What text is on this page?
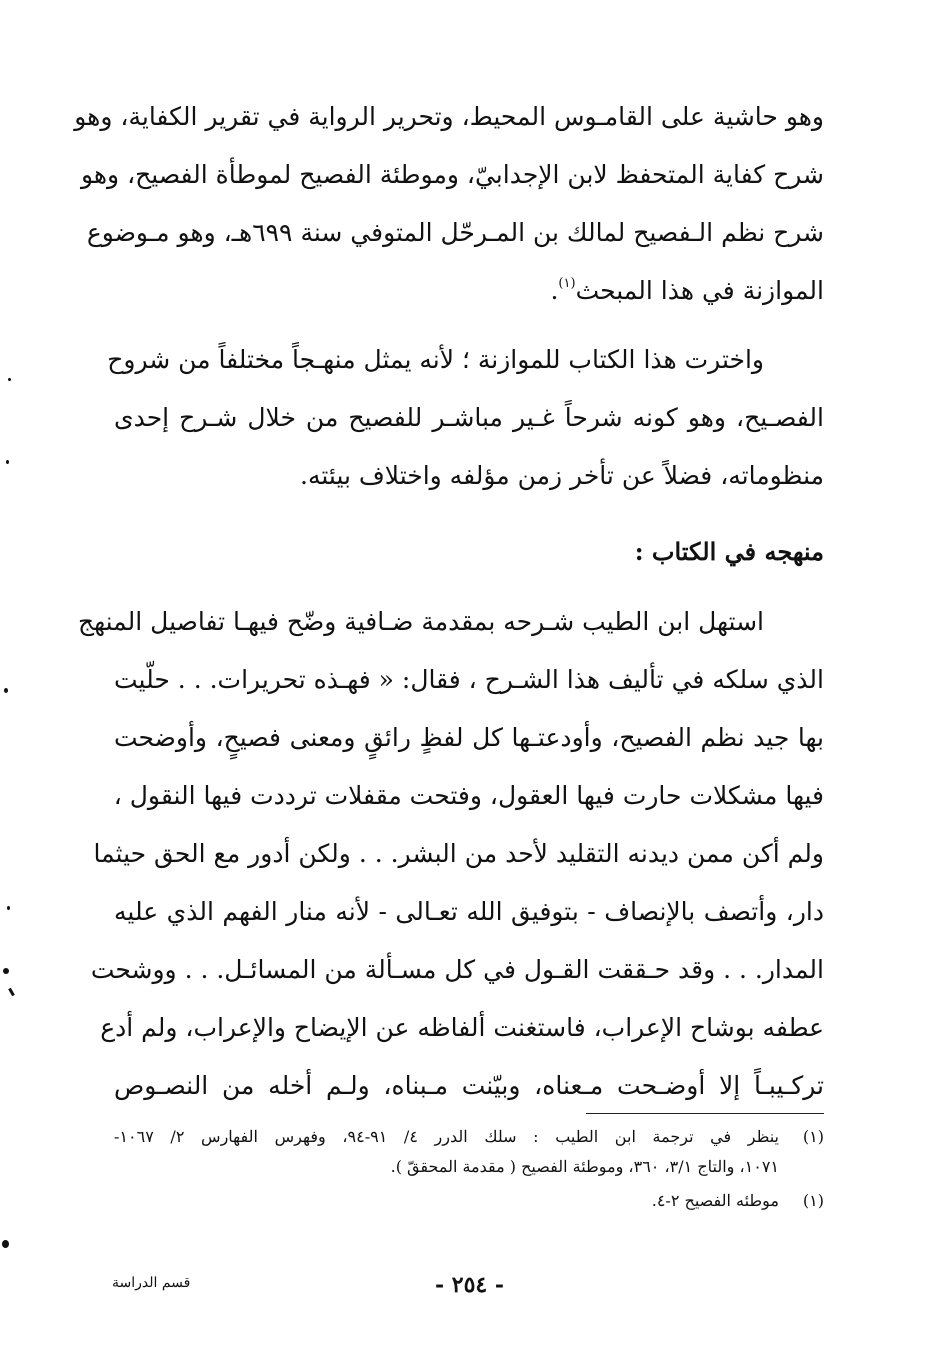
وهو حاشية على القامـوس المحيط، وتحرير الرواية في تقرير الكفاية، وهو
شرح كفاية المتحفظ لابن الإجدابيّ، وموطئة الفصيح لموطأة الفصيح، وهو
شرح نظم الـفصيح لمالك بن المـرحّل المتوفي سنة ٦٩٩هـ، وهو مـوضوع
الموازنة في هذا المبحث$^{(١)}$.
واخترت هذا الكتاب للموازنة ؛ لأنه يمثل منهـجاً مختلفاً من شروح
الفصـيح، وهو كونه شرحاً غـير مباشـر للفصيح من خلال شـرح إحدى
منظوماته، فضلاً عن تأخر زمن مؤلفه واختلاف بيئته.
منهجه في الكتاب :
استهل ابن الطيب شـرحه بمقدمة ضـافية وضّح فيهـا تفاصيل المنهج
الذي سلكه في تأليف هذا الشـرح ، فقال: « فهـذه تحريرات. . . حلّيت
بها جيد نظم الفصيح، وأودعتـها كل لفظٍ رائقٍ ومعنى فصيحٍ، وأوضحت
فيها مشكلات حارت فيها العقول، وفتحت مقفلات ترددت فيها النقول ،
ولم أكن ممن ديدنه التقليد لأحد من البشر. . . ولكن أدور مع الحق حيثما
دار، وأتصف بالإنصاف - بتوفيق الله تعـالى - لأنه منار الفهم الذي عليه
المدار. . . وقد حـققت القـول في كل مسـألة من المسائـل. . . ووشحت
عطفه بوشاح الإعراب، فاستغنت ألفاظه عن الإيضاح والإعراب، ولم أدع
تركـيبـاً إلا أوضـحت مـعناه، وبيّنت مـبناه، ولـم أخله من النصـوص
(١)
ينظر في ترجمة ابن الطيب : سلك الدرر ٤/ ٩١-٩٤، وفهرس الفهارس ٢/ ١٠٦٧-
١٠٧١، والتاج ٣/١، ٣٦٠، وموطئة الفصيح ( مقدمة المحققّ ).
(١)
موطئه الفصيح ٢-٤.
- ٢٥٤ -
قسم الدراسة
